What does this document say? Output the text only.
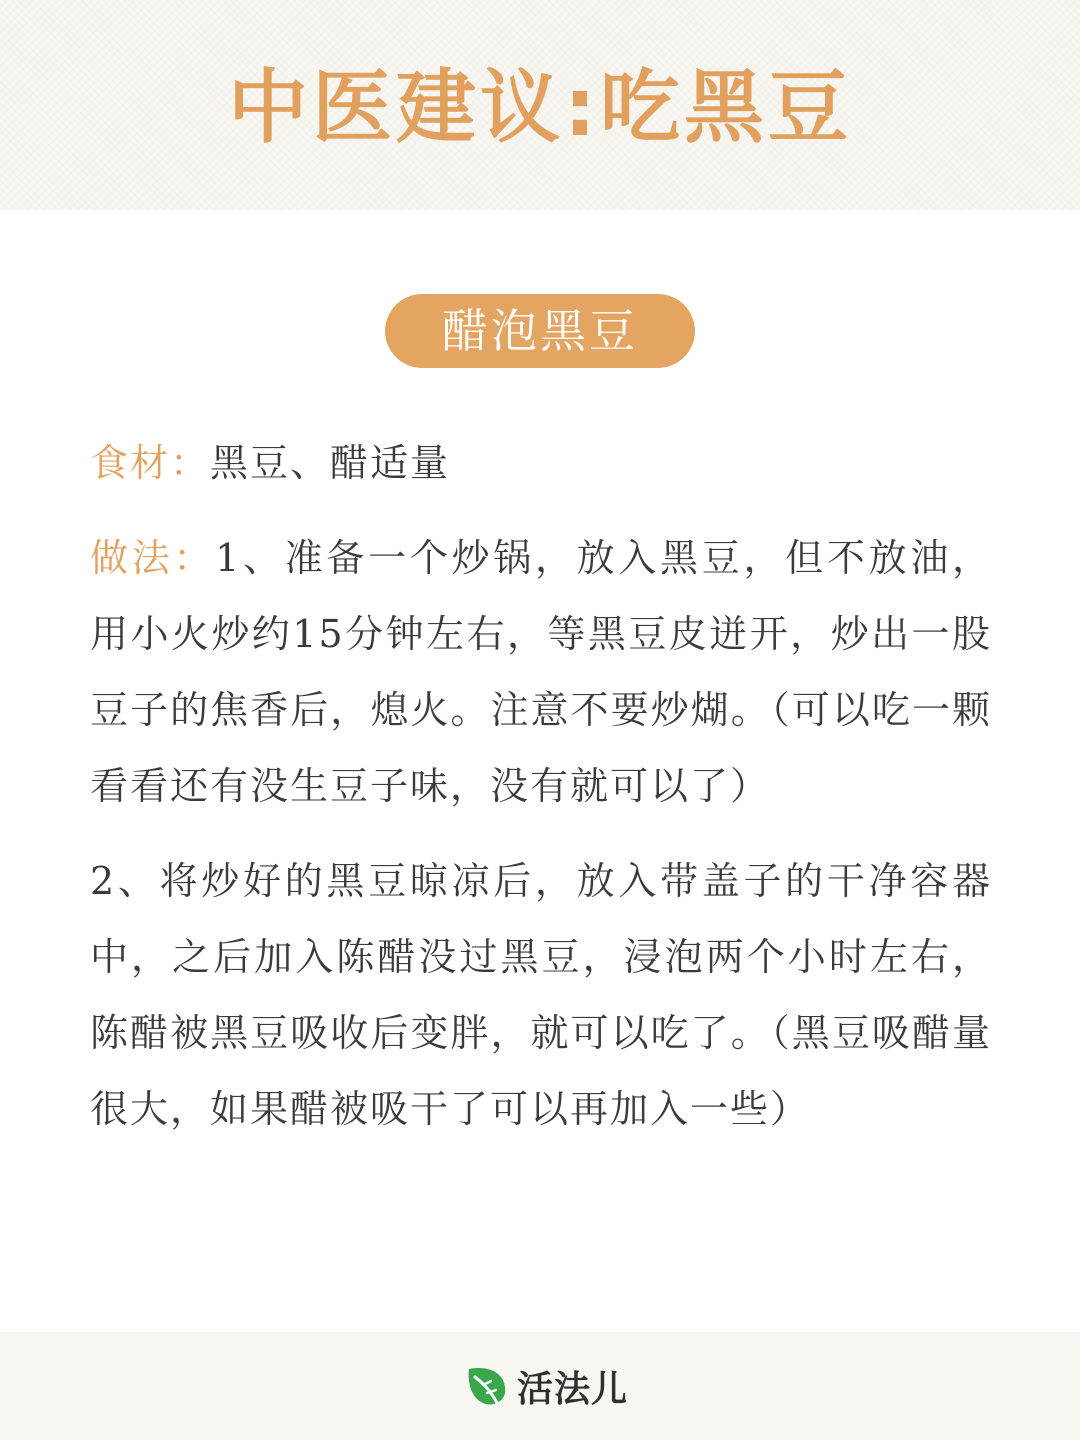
中医建议:吃黑豆
醋泡黑豆

食材：黑豆、醋适量

做法：1、准备一个炒锅，放入黑豆，但不放油，用小火炒约15分钟左右，等黑豆皮迸开，炒出一股豆子的焦香后，熄火。注意不要炒煳。（可以吃一颗看看还有没生豆子味，没有就可以了）

2、将炒好的黑豆晾凉后，放入带盖子的干净容器中，之后加入陈醋没过黑豆，浸泡两个小时左右，陈醋被黑豆吸收后变胖，就可以吃了。（黑豆吸醋量很大，如果醋被吸干了可以再加入一些）

活法儿
